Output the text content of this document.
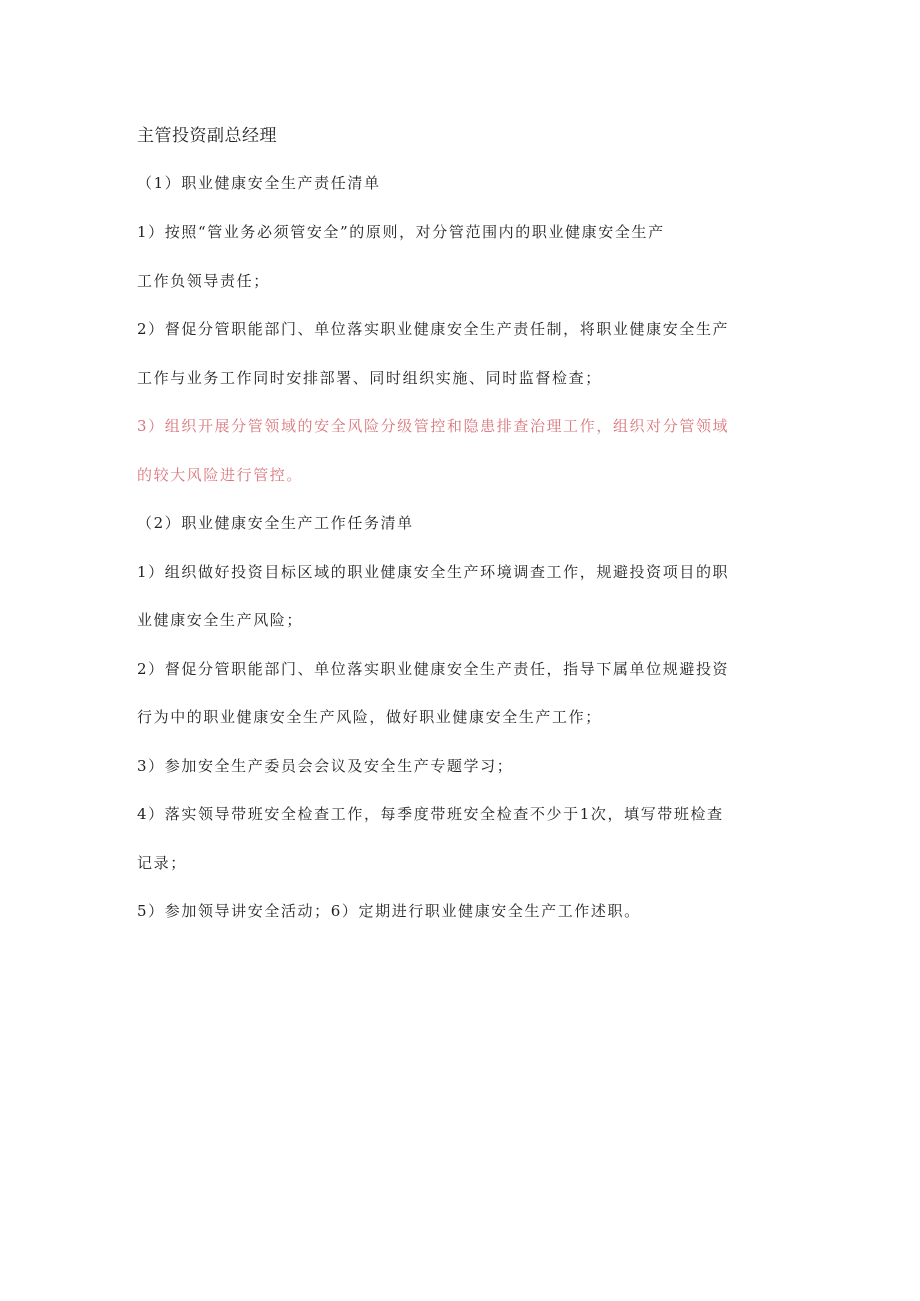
主管投资副总经理
（1）职业健康安全生产责任清单
1）按照“管业务必须管安全”的原则，对分管范围内的职业健康安全生产
工作负领导责任；
2）督促分管职能部门、单位落实职业健康安全生产责任制，将职业健康安全生产
工作与业务工作同时安排部署、同时组织实施、同时监督检查；
3）组织开展分管领域的安全风险分级管控和隐患排查治理工作，组织对分管领域
的较大风险进行管控。
（2）职业健康安全生产工作任务清单
1）组织做好投资目标区域的职业健康安全生产环境调查工作，规避投资项目的职
业健康安全生产风险；
2）督促分管职能部门、单位落实职业健康安全生产责任，指导下属单位规避投资
行为中的职业健康安全生产风险，做好职业健康安全生产工作；
3）参加安全生产委员会会议及安全生产专题学习；
4）落实领导带班安全检查工作，每季度带班安全检查不少于1次，填写带班检查
记录；
5）参加领导讲安全活动；6）定期进行职业健康安全生产工作述职。
